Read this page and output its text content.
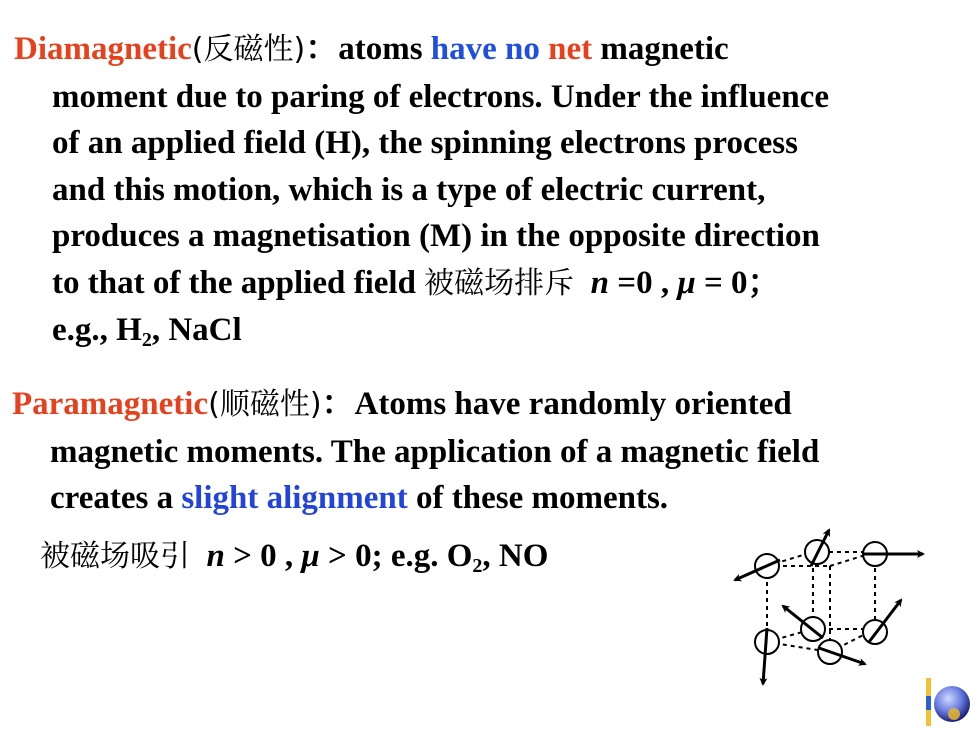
Diamagnetic(反磁性)：atoms have no net magnetic
moment due to paring of electrons. Under the influence
of an applied field (H), the spinning electrons process
and this motion, which is a type of electric current,
produces a magnetisation (M) in the opposite direction
to that of the applied field 被磁场排斥 n =0 , μ = 0；
e.g., $H_2$, NaCl
Paramagnetic(顺磁性)：Atoms have randomly oriented
magnetic moments. The application of a magnetic field
creates a slight alignment of these moments.
被磁场吸引 n > 0 , μ > 0; e.g. $O_2$, NO
